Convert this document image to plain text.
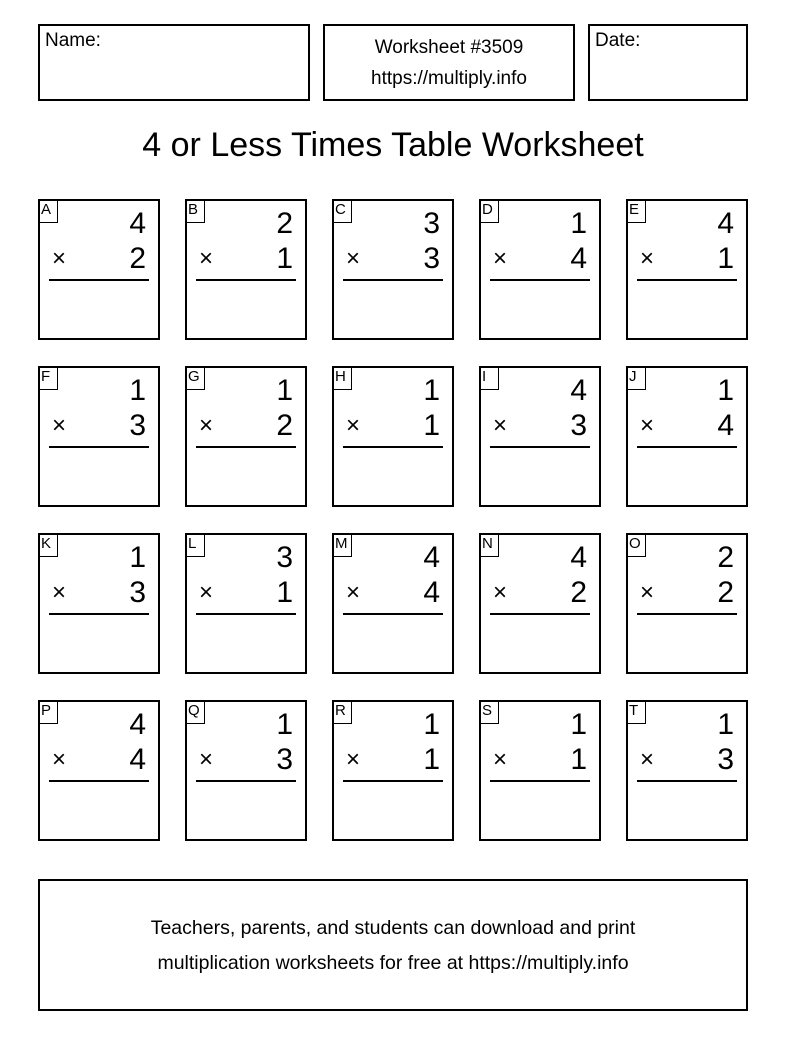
Name:	Worksheet #3509
https://multiply.info
Date:
4 or Less Times Table Worksheet
A	4
× 2
B	2
× 1
C	3
× 3
D	1
× 4
E	4
× 1
F	1
× 3
G	1
× 2
H	1
× 1
I	4
× 3
J	1
× 4
K	1
× 3
L	3
× 1
M	4
× 4
N	4
× 2
O	2
× 2
P	4
× 4
Q	1
× 3
R	1
× 1
S	1
× 1
T	1
× 3
Teachers, parents, and students can download and print
multiplication worksheets for free at https://multiply.info
